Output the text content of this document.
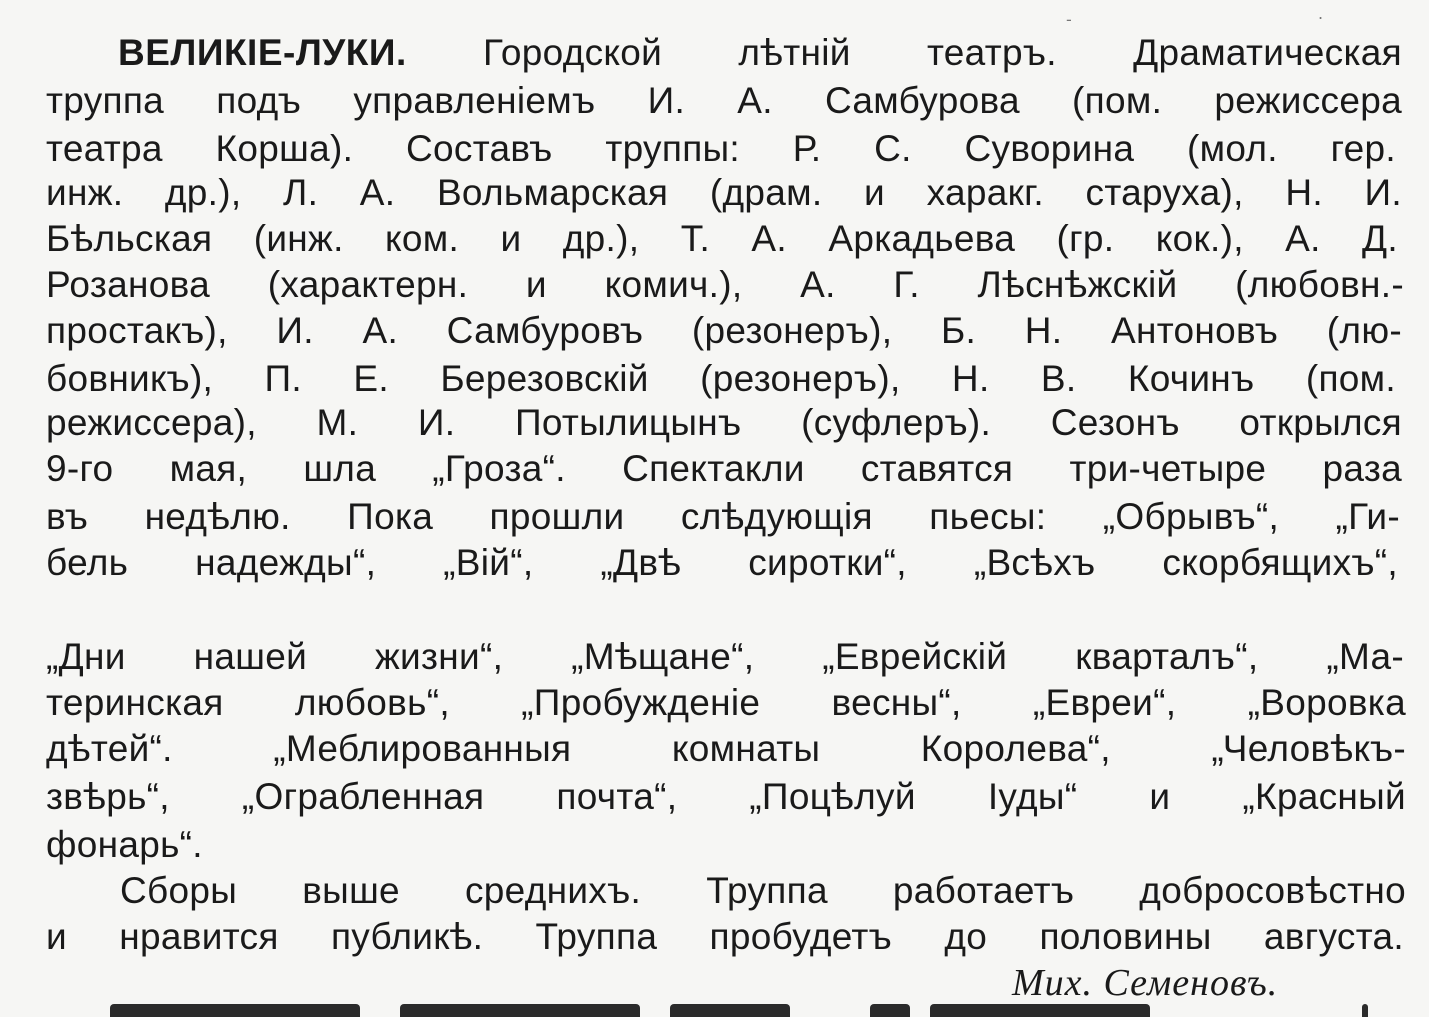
-	.
ВЕЛИКІЕ-ЛУКИ. Городской лѣтній театръ. Драматическая
труппа подъ управленіемъ И. А. Самбурова (пом. режиссера
театра Корша). Составъ труппы: Р. С. Суворина (мол. гер.
инж. др.), Л. А. Вольмарская (драм. и харакг. старуха), Н. И.
Бѣльская (инж. ком. и др.), Т. А. Аркадьева (гр. кок.), А. Д.
Розанова (характерн. и комич.), А. Г. Лѣснѣжскій (любовн.-
простакъ), И. А. Самбуровъ (резонеръ), Б. Н. Антоновъ (лю-
бовникъ), П. Е. Березовскій (резонеръ), Н. В. Кочинъ (пом.
режиссера), М. И. Потылицынъ (суфлеръ). Сезонъ открылся
9-го мая, шла „Гроза“. Спектакли ставятся три-четыре раза
въ недѣлю. Пока прошли слѣдующія пьесы: „Обрывъ“, „Ги-
бель надежды“, „Вій“, „Двѣ сиротки“, „Всѣхъ скорбящихъ“,
„Дни нашей жизни“, „Мѣщане“, „Еврейскій кварталъ“, „Ма-
теринская любовь“, „Пробужденіе весны“, „Евреи“, „Воровка
дѣтей“. „Меблированныя комнаты Королева“, „Человѣкъ-
звѣрь“, „Ограбленная почта“, „Поцѣлуй Іуды“ и „Красный
фонарь“.
Сборы выше среднихъ. Труппа работаетъ добросовѣстно
и нравится публикѣ. Труппа пробудетъ до половины августа.
Мих. Семеновъ.
